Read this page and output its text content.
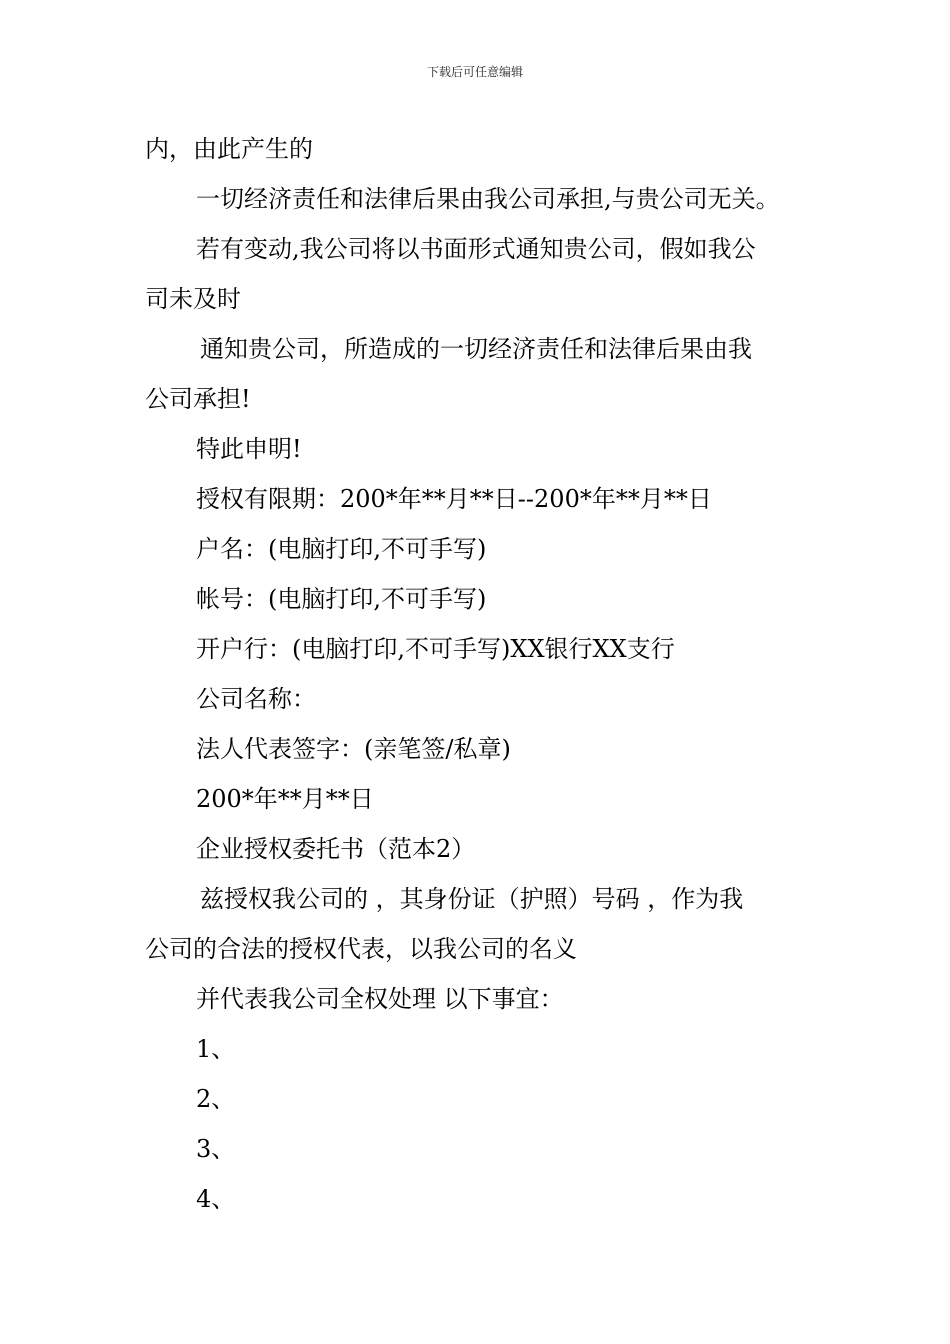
下载后可任意编辑
内，由此产生的
一切经济责任和法律后果由我公司承担,与贵公司无关。
若有变动,我公司将以书面形式通知贵公司，假如我公
司未及时
通知贵公司，所造成的一切经济责任和法律后果由我
公司承担!
特此申明!
授权有限期：200*年**月**日--200*年**月**日
户名：(电脑打印,不可手写)
帐号：(电脑打印,不可手写)
开户行：(电脑打印,不可手写)XX银行XX支行
公司名称：
法人代表签字：(亲笔签/私章)
200*年**月**日
企业授权委托书（范本2）
兹授权我公司的 ，其身份证（护照）号码 ，作为我
公司的合法的授权代表，以我公司的名义
并代表我公司全权处理 以下事宜：
1、
2、
3、
4、
